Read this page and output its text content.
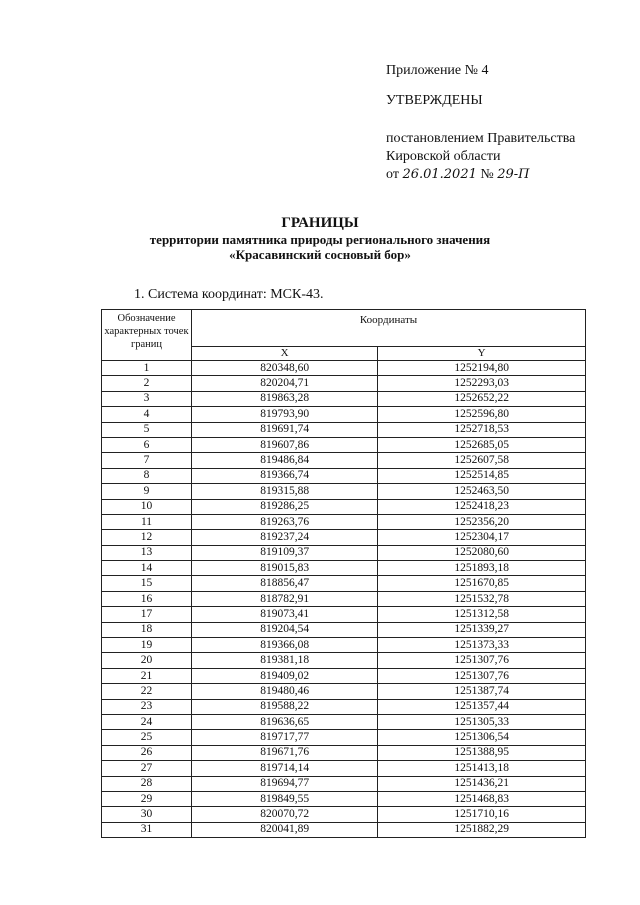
Приложение № 4
УТВЕРЖДЕНЫ
постановлением Правительства
Кировской области
от 26.01.2021 № 29-П
ГРАНИЦЫ
территории памятника природы регионального значения
«Красавинский сосновый бор»
1. Система координат: МСК-43.
Обозначение характерных точек границ	Координаты	
	X	Y
1	820348,60	1252194,80
2	820204,71	1252293,03
3	819863,28	1252652,22
4	819793,90	1252596,80
5	819691,74	1252718,53
6	819607,86	1252685,05
7	819486,84	1252607,58
8	819366,74	1252514,85
9	819315,88	1252463,50
10	819286,25	1252418,23
11	819263,76	1252356,20
12	819237,24	1252304,17
13	819109,37	1252080,60
14	819015,83	1251893,18
15	818856,47	1251670,85
16	818782,91	1251532,78
17	819073,41	1251312,58
18	819204,54	1251339,27
19	819366,08	1251373,33
20	819381,18	1251307,76
21	819409,02	1251307,76
22	819480,46	1251387,74
23	819588,22	1251357,44
24	819636,65	1251305,33
25	819717,77	1251306,54
26	819671,76	1251388,95
27	819714,14	1251413,18
28	819694,77	1251436,21
29	819849,55	1251468,83
30	820070,72	1251710,16
31	820041,89	1251882,29
